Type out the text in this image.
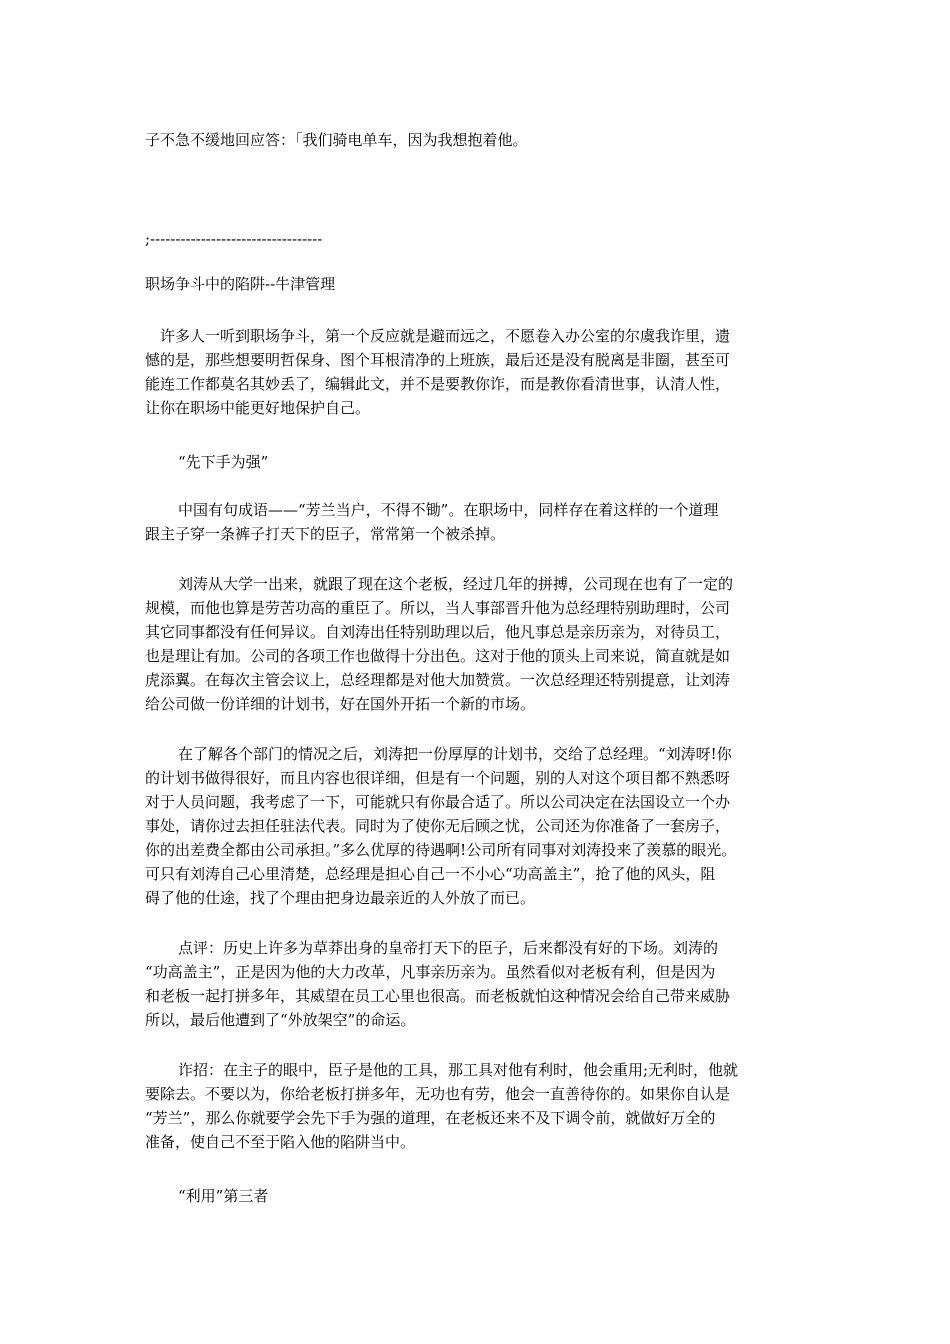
子不急不缓地回应答：「我们骑电单车，因为我想抱着他。
;----------------------------------
职场争斗中的陷阱--牛津管理
许多人一听到职场争斗，第一个反应就是避而远之，不愿卷入办公室的尔虞我诈里，遗
憾的是，那些想要明哲保身、图个耳根清净的上班族，最后还是没有脱离是非圈，甚至可
能连工作都莫名其妙丢了，编辑此文，并不是要教你诈，而是教你看清世事，认清人性，
让你在职场中能更好地保护自己。
“先下手为强”
中国有句成语——“芳兰当户，不得不锄”。在职场中，同样存在着这样的一个道理
跟主子穿一条裤子打天下的臣子，常常第一个被杀掉。
刘涛从大学一出来，就跟了现在这个老板，经过几年的拼搏，公司现在也有了一定的
规模，而他也算是劳苦功高的重臣了。所以，当人事部晋升他为总经理特别助理时，公司
其它同事都没有任何异议。自刘涛出任特别助理以后，他凡事总是亲历亲为，对待员工，
也是理让有加。公司的各项工作也做得十分出色。这对于他的顶头上司来说，简直就是如
虎添翼。在每次主管会议上，总经理都是对他大加赞赏。一次总经理还特别提意，让刘涛
给公司做一份详细的计划书，好在国外开拓一个新的市场。
在了解各个部门的情况之后，刘涛把一份厚厚的计划书，交给了总经理。“刘涛呀!你
的计划书做得很好，而且内容也很详细，但是有一个问题，别的人对这个项目都不熟悉呀
对于人员问题，我考虑了一下，可能就只有你最合适了。所以公司决定在法国设立一个办
事处，请你过去担任驻法代表。同时为了使你无后顾之忧，公司还为你准备了一套房子，
你的出差费全都由公司承担。”多么优厚的待遇啊!公司所有同事对刘涛投来了羡慕的眼光。
可只有刘涛自己心里清楚，总经理是担心自己一不小心“功高盖主”，抢了他的风头，阻
碍了他的仕途，找了个理由把身边最亲近的人外放了而已。
点评：历史上许多为草莽出身的皇帝打天下的臣子，后来都没有好的下场。刘涛的
“功高盖主”，正是因为他的大力改革，凡事亲历亲为。虽然看似对老板有利，但是因为
和老板一起打拼多年，其威望在员工心里也很高。而老板就怕这种情况会给自己带来威胁
所以，最后他遭到了“外放架空”的命运。
诈招：在主子的眼中，臣子是他的工具，那工具对他有利时，他会重用;无利时，他就
要除去。不要以为，你给老板打拼多年，无功也有劳，他会一直善待你的。如果你自认是
“芳兰”，那么你就要学会先下手为强的道理，在老板还来不及下调令前，就做好万全的
准备，使自己不至于陷入他的陷阱当中。
“利用”第三者
